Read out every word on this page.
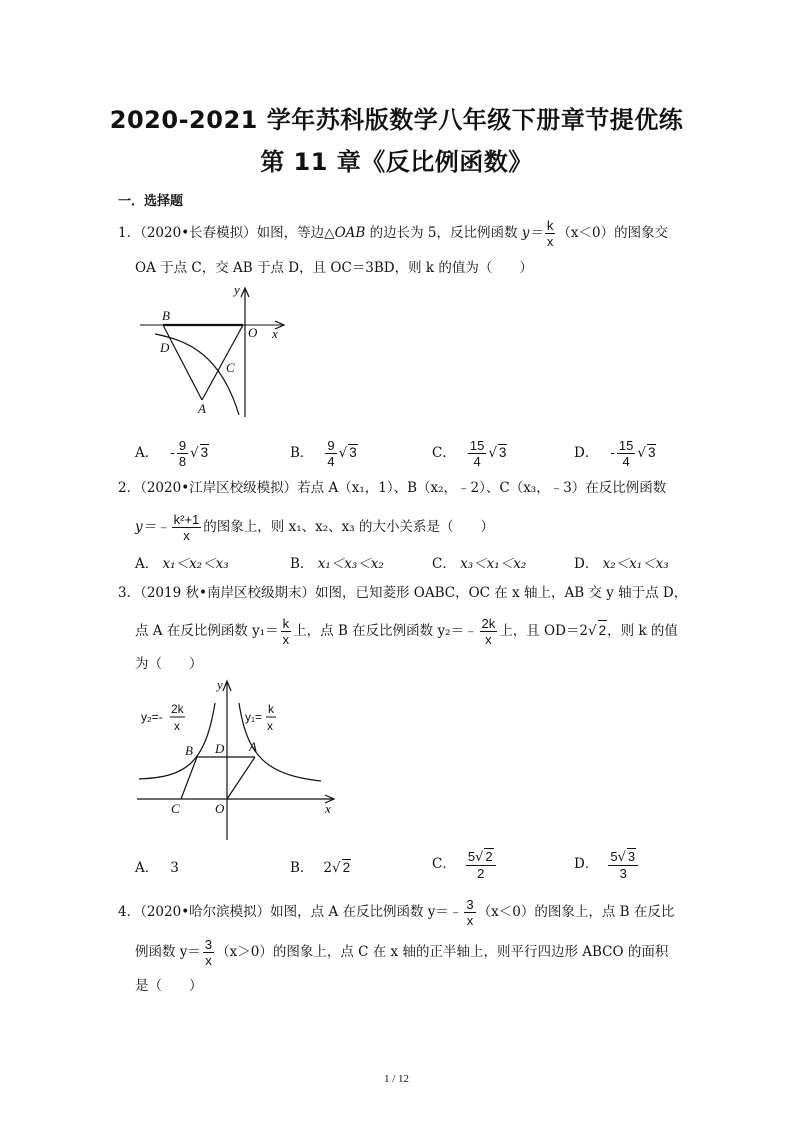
2020-2021 学年苏科版数学八年级下册章节提优练
第 11 章《反比例函数》
一．选择题
1．（2020•长春模拟）如图，等边△OAB 的边长为 5，反比例函数 $y= \frac{k}{x} (x<0)$的图象交
OA 于点 C，交 AB 于点 D，且 OC＝3BD，则 k 的值为（　　）
y
x
B
O
D
C
A
A． - $\frac{9}{8}$ √ 3	B． $\frac{9}{4}$ √ 3	C． $\frac{15}{4}$ √ 3	D． - $\frac{15}{4}$ √ 3
2．（2020•江岸区校级模拟）若点 A（x₁，1）、B（x₂，﹣2）、C（x₃，﹣3）在反比例函数
y＝﹣ $\frac{\text{k²+1}}{x}$ 的图象上，则 x₁、x₂、x₃ 的大小关系是（　　）
A． x₁＜x₂＜x₃	B． x₁＜x₃＜x₂	C． x₃＜x₁＜x₂	D． x₂＜x₁＜x₃
3．（2019 秋•南岸区校级期末）如图，已知菱形 OABC，OC 在 x 轴上，AB 交 y 轴于点 D，
点 A 在反比例函数 $y_1= \frac{k}{x}$ 上，点 B 在反比例函数 y₂＝﹣ $\frac{2k}{x}$ 上，且 OD＝2√ 2，则 k 的值
为（　　）
y₂=-
2k
x
y₁=
k
x
y
x
B D A
C	O
A． 3	B． 2√ 2	C． $\frac{5√ 2}{2}$	D． $\frac{5√ 3}{3}$
4．（2020•哈尔滨模拟）如图，点 A 在反比例函数 y＝﹣ $\frac{3}{x} (x<0)$的图象上，点 B 在反比
例函数 $y= \frac{3}{x} (x>0)$的图象上，点 C 在 x 轴的正半轴上，则平行四边形 ABCO 的面积
是（　　）
1 / 12
